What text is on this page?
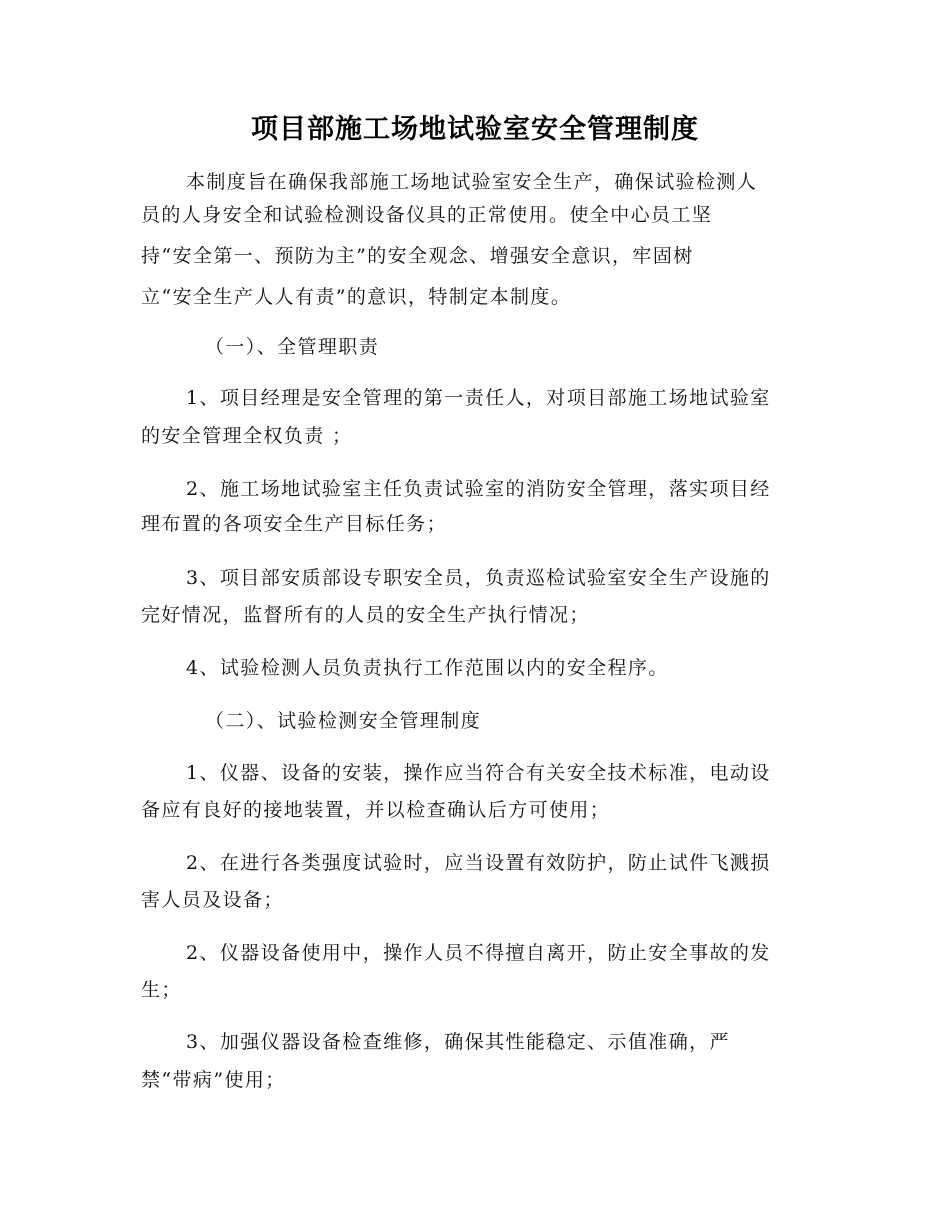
项目部施工场地试验室安全管理制度
本制度旨在确保我部施工场地试验室安全生产，确保试验检测人
员的人身安全和试验检测设备仪具的正常使用。使全中心员工坚
持“安全第一、预防为主”的安全观念、增强安全意识，牢固树
立“安全生产人人有责”的意识，特制定本制度。
（一）、全管理职责
1、项目经理是安全管理的第一责任人，对项目部施工场地试验室
的安全管理全权负责 ；
2、施工场地试验室主任负责试验室的消防安全管理，落实项目经
理布置的各项安全生产目标任务；
3、项目部安质部设专职安全员，负责巡检试验室安全生产设施的
完好情况，监督所有的人员的安全生产执行情况；
4、试验检测人员负责执行工作范围以内的安全程序。
（二）、试验检测安全管理制度
1、仪器、设备的安装，操作应当符合有关安全技术标准，电动设
备应有良好的接地装置，并以检查确认后方可使用；
2、在进行各类强度试验时，应当设置有效防护，防止试件飞溅损
害人员及设备；
2、仪器设备使用中，操作人员不得擅自离开，防止安全事故的发
生；
3、加强仪器设备检查维修，确保其性能稳定、示值准确，严
禁“带病”使用；
